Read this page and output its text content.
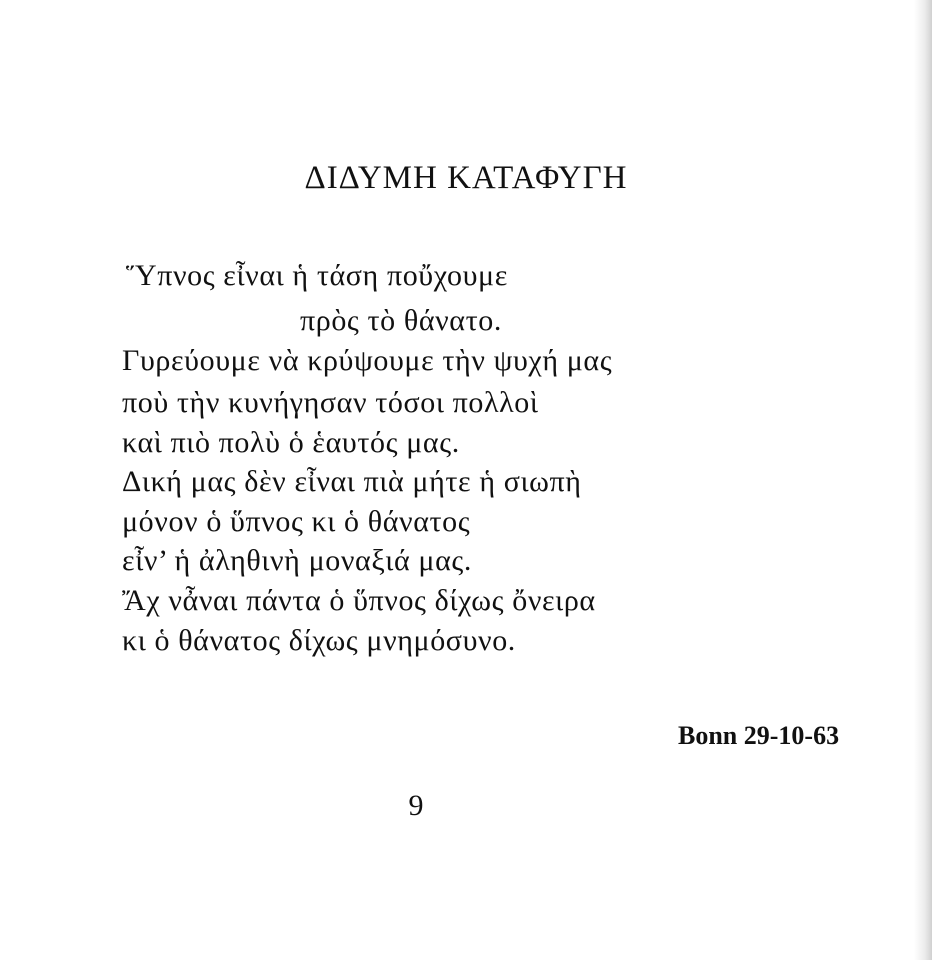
ΔΙΔΥΜΗ ΚΑΤΑΦΥΓΗ
Ὕπνος εἶναι ἡ τάση ποὔχουμε
πρὸς τὸ θάνατο.
Γυρεύουμε νὰ κρύψουμε τὴν ψυχή μας
ποὺ τὴν κυνήγησαν τόσοι πολλοὶ
καὶ πιὸ πολὺ ὁ ἑαυτός μας.
Δική μας δὲν εἶναι πιὰ μήτε ἡ σιωπὴ
μόνον ὁ ὕπνος κι ὁ θάνατος
εἶν’ ἡ ἀληθινὴ μοναξιά μας.
Ἄχ νἆναι πάντα ὁ ὕπνος δίχως ὄνειρα
κι ὁ θάνατος δίχως μνημόσυνο.
Bonn 29-10-63
9
